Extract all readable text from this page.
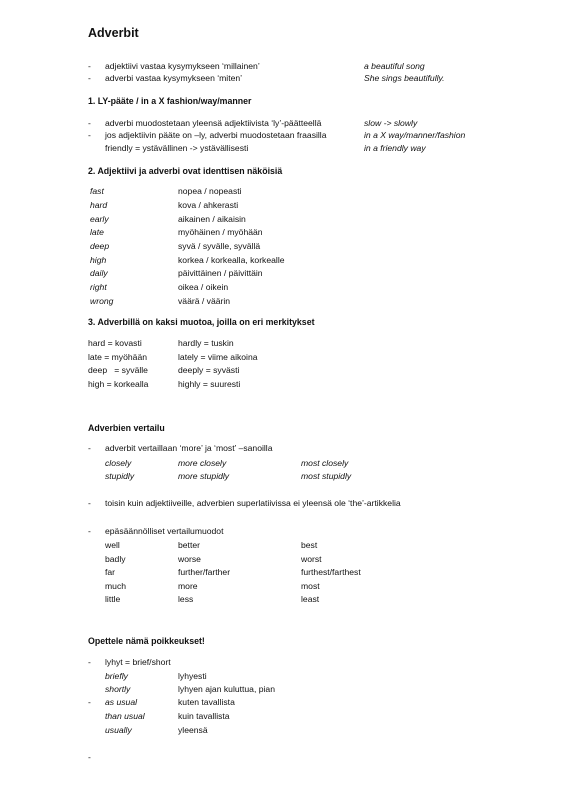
Adverbit
- adjektiivi vastaa kysymykseen ‘millainen’	a beautiful song
- adverbi vastaa kysymykseen ‘miten’	She sings beautifully.
1. LY-pääte / in a X fashion/way/manner
- adverbi muodostetaan yleensä adjektiivista ‘ly’-päätteellä	slow -> slowly
- jos adjektiivin pääte on –ly, adverbi muodostetaan fraasilla	in a X way/manner/fashion
friendly = ystävällinen -> ystävällisesti	in a friendly way
2. Adjektiivi ja adverbi ovat identtisen näköisiä
fast	nopea / nopeasti
hard	kova / ahkerasti
early	aikainen / aikaisin
late	myöhäinen / myöhään
deep	syvä / syvälle, syvällä
high	korkea / korkealla, korkealle
daily	päivittäinen / päivittäin
right	oikea / oikein
wrong	väärä / väärin
3. Adverbillä on kaksi muotoa, joilla on eri merkitykset
hard = kovasti	hardly = tuskin
late = myöhään	lately = viime aikoina
deep   = syvälle	deeply = syvästi
high = korkealla	highly = suuresti
Adverbien vertailu
- adverbit vertaillaan ‘more’ ja ‘most’ –sanoilla
closely	more closely	most closely
stupidly	more stupidly	most stupidly
- toisin kuin adjektiiveille, adverbien superlatiivissa ei yleensä ole ‘the’-artikkelia
- epäsäännölliset vertailumuodot
well	better	best
badly	worse	worst
far	further/farther	furthest/farthest
much	more	most
little	less	least
Opettele nämä poikkeukset!
- lyhyt = brief/short
briefly	lyhyesti
shortly	lyhyen ajan kuluttua, pian
- as usual	kuten tavallista
than usual	kuin tavallista
usually	yleensä
-
